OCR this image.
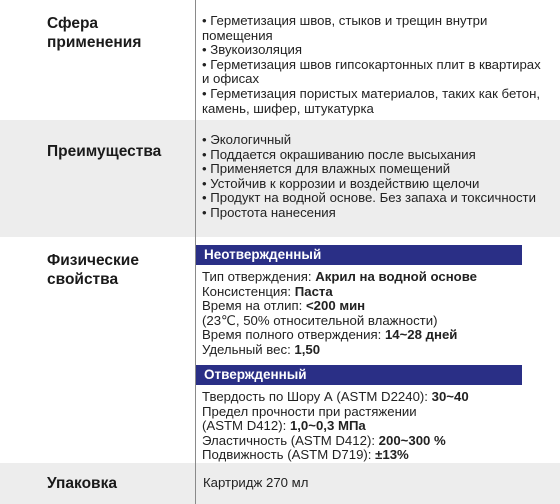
Сфера применения
• Герметизация швов, стыков и трещин внутри помещения
• Звукоизоляция
• Герметизация швов гипсокартонных плит в квартирах и офисах
• Герметизация пористых материалов, таких как бетон, камень, шифер, штукатурка
Преимущества
• Экологичный
• Поддается окрашиванию после высыхания
• Применяется для влажных помещений
• Устойчив к коррозии и воздействию щелочи
• Продукт на водной основе. Без запаха и токсичности
• Простота нанесения
Физические свойства
Неотвержденный
Тип отверждения: Акрил на водной основе
Консистенция: Паста
Время на отлип: <200 мин
(23℃, 50% относительной влажности)
Время полного отверждения: 14~28 дней
Удельный вес: 1,50
Отвержденный
Твердость по Шору А (ASTM D2240): 30~40
Предел прочности при растяжении
(ASTM D412): 1,0~0,3 МПа
Эластичность (ASTM D412): 200~300 %
Подвижность (ASTM D719): ±13%
Упаковка	Картридж 270 мл
